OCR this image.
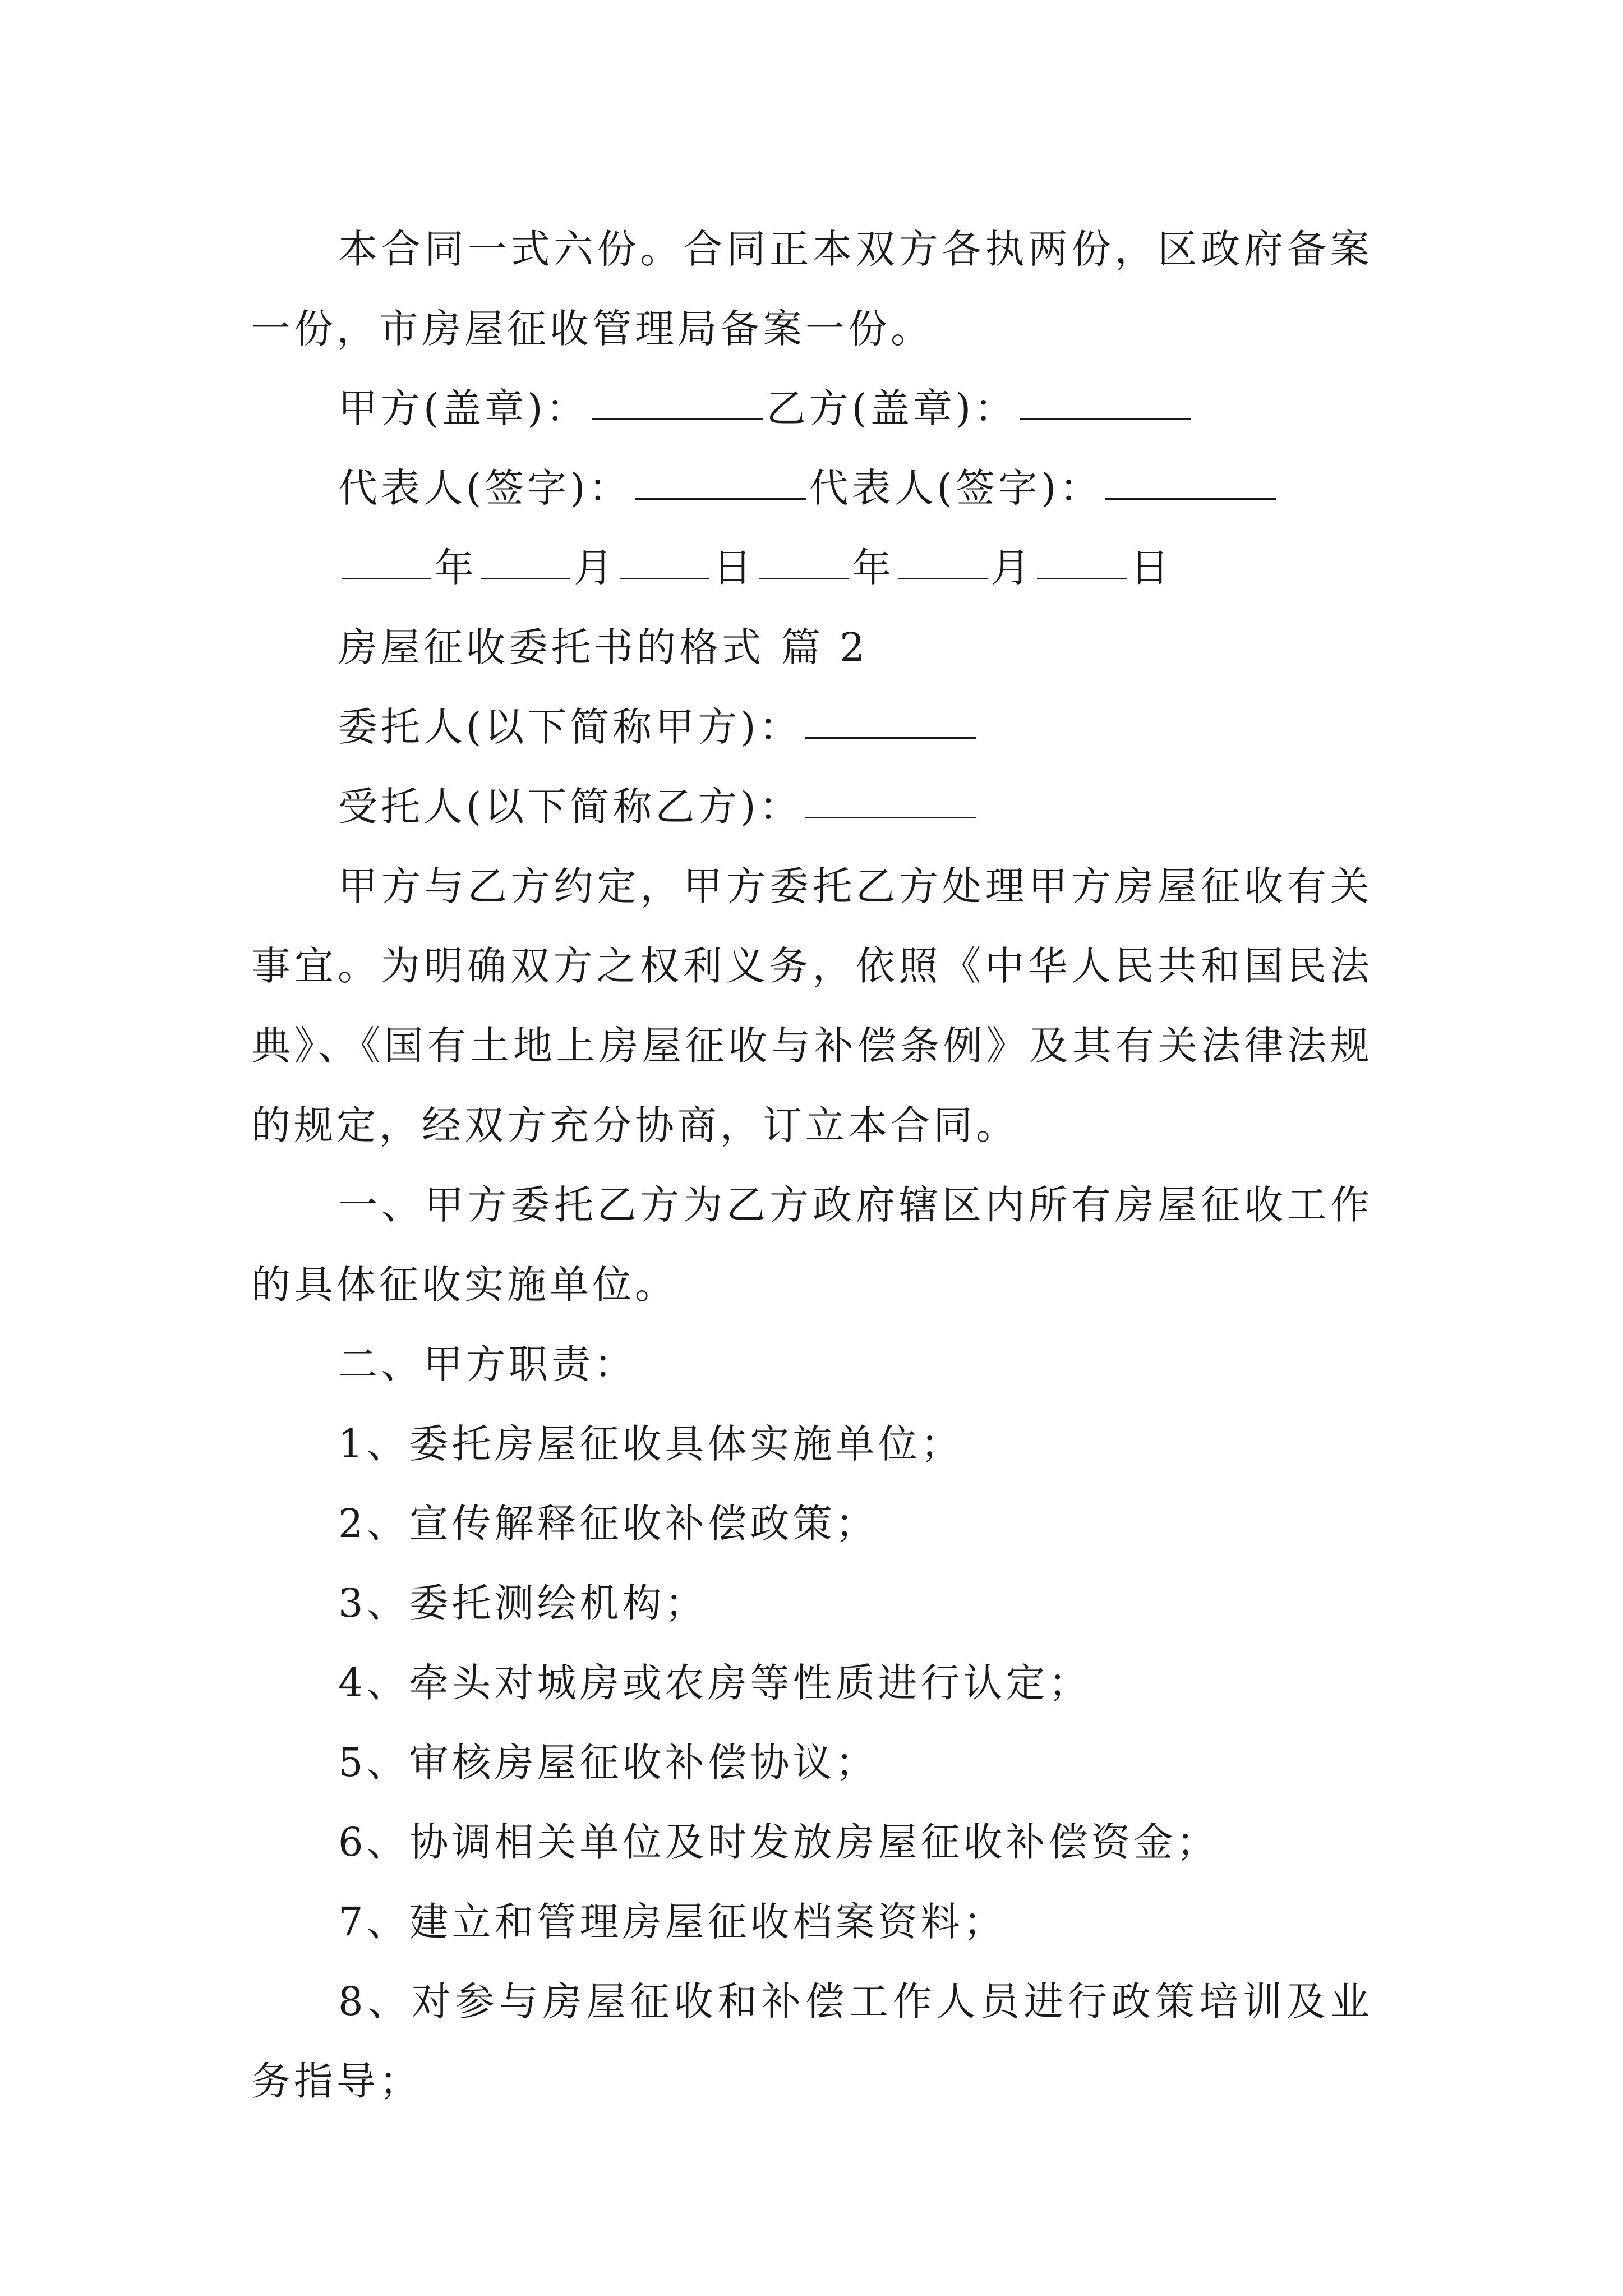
本合同一式六份。合同正本双方各执两份，区政府备案一份，市房屋征收管理局备案一份。

甲方(盖章)：	乙方(盖章)：

代表人(签字)：	代表人(签字)：

年 月 日 年 月 日

房屋征收委托书的格式 篇 2

委托人(以下简称甲方)：

受托人(以下简称乙方)：

甲方与乙方约定，甲方委托乙方处理甲方房屋征收有关事宜。为明确双方之权利义务，依照《中华人民共和国民法典》、《国有土地上房屋征收与补偿条例》及其有关法律法规的规定，经双方充分协商，订立本合同。

一、甲方委托乙方为乙方政府辖区内所有房屋征收工作的具体征收实施单位。

二、甲方职责：

1、委托房屋征收具体实施单位；

2、宣传解释征收补偿政策；

3、委托测绘机构；

4、牵头对城房或农房等性质进行认定；

5、审核房屋征收补偿协议；

6、协调相关单位及时发放房屋征收补偿资金；

7、建立和管理房屋征收档案资料；

8、对参与房屋征收和补偿工作人员进行政策培训及业务指导；
